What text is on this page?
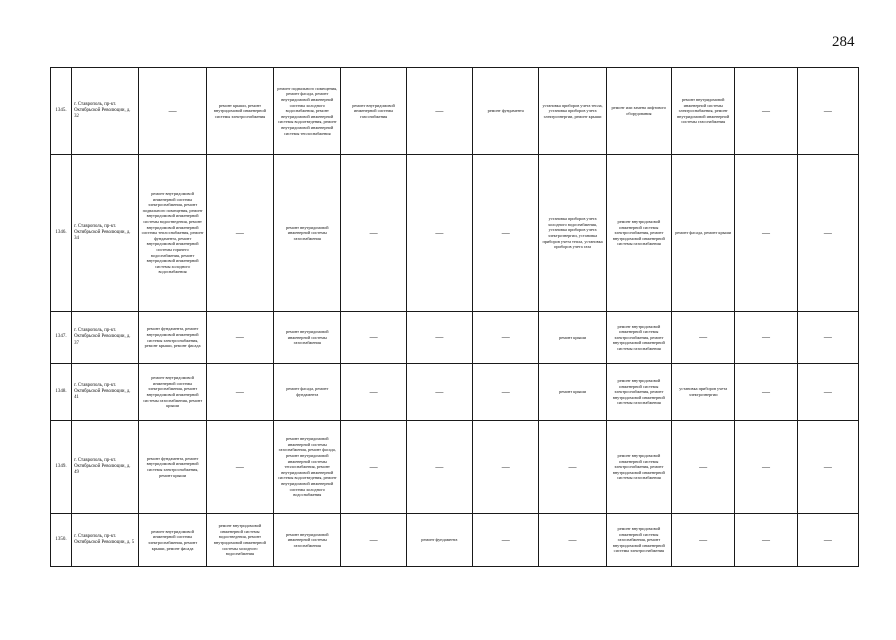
284
1345.	г. Ставрополь, пр-кт. Октябрьской Революции, д. 32	—	ремонт крыши, ремонт внутридомовой инженерной системы электроснабжения	ремонт подвального помещения, ремонт фасада, ремонт внутридомовой инженерной системы холодного водоснабжения, ремонт внутридомовой инженерной системы водоотведения, ремонт внутридомовой инженерной системы теплоснабжения	ремонт внутридомовой инженерной системы газоснабжения	—	ремонт фундамента	установка приборов учета тепла, установка приборов учета электроэнергии, ремонт крыши	ремонт или замена лифтового оборудования	ремонт внутридомовой инженерной системы электроснабжения, ремонт внутридомовой инженерной системы газоснабжения	—	—
1346.	г. Ставрополь, пр-кт. Октябрьской Революции, д. 34	ремонт внутридомовой инженерной системы электроснабжения, ремонт подвального помещения, ремонт внутридомовой инженерной системы водоотведения, ремонт внутридомовой инженерной системы теплоснабжения, ремонт фундамента, ремонт внутридомовой инженерной системы горячего водоснабжения, ремонт внутридомовой инженерной системы холодного водоснабжения	—	ремонт внутридомовой инженерной системы газоснабжения	—	—	—	установка приборов учета холодного водоснабжения, установка приборов учета электроэнергии, установка приборов учета тепла, установка приборов учета газа	ремонт внутридомовой инженерной системы электроснабжения, ремонт внутридомовой инженерной системы газоснабжения	ремонт фасада, ремонт крыши	—	—
1347.	г. Ставрополь, пр-кт. Октябрьской Революции, д. 37	ремонт фундамента, ремонт внутридомовой инженерной системы электроснабжения, ремонт крыши, ремонт фасада	—	ремонт внутридомовой инженерной системы газоснабжения	—	—	—	ремонт крыши	ремонт внутридомовой инженерной системы электроснабжения, ремонт внутридомовой инженерной системы газоснабжения	—	—	—
1348.	г. Ставрополь, пр-кт. Октябрьской Революции, д. 41	ремонт внутридомовой инженерной системы электроснабжения, ремонт внутридомовой инженерной системы газоснабжения, ремонт крыши	—	ремонт фасада, ремонт фундамента	—	—	—	ремонт крыши	ремонт внутридомовой инженерной системы электроснабжения, ремонт внутридомовой инженерной системы газоснабжения	установка приборов учета электроэнергии	—	—
1349.	г. Ставрополь, пр-кт. Октябрьской Революции, д. 49	ремонт фундамента, ремонт внутридомовой инженерной системы электроснабжения, ремонт крыши	—	ремонт внутридомовой инженерной системы газоснабжения, ремонт фасада, ремонт внутридомовой инженерной системы теплоснабжения, ремонт внутридомовой инженерной системы водоотведения, ремонт внутридомовой инженерной системы холодного водоснабжения	—	—	—	—	ремонт внутридомовой инженерной системы электроснабжения, ремонт внутридомовой инженерной системы газоснабжения	—	—	—
1350.	г. Ставрополь, пр-кт. Октябрьской Революции, д. 5	ремонт внутридомовой инженерной системы электроснабжения, ремонт крыши, ремонт фасада	ремонт внутридомовой инженерной системы водоотведения, ремонт внутридомовой инженерной системы холодного водоснабжения	ремонт внутридомовой инженерной системы газоснабжения	—	ремонт фундамента	—	—	ремонт внутридомовой инженерной системы газоснабжения, ремонт внутридомовой инженерной системы электроснабжения	—	—	—
